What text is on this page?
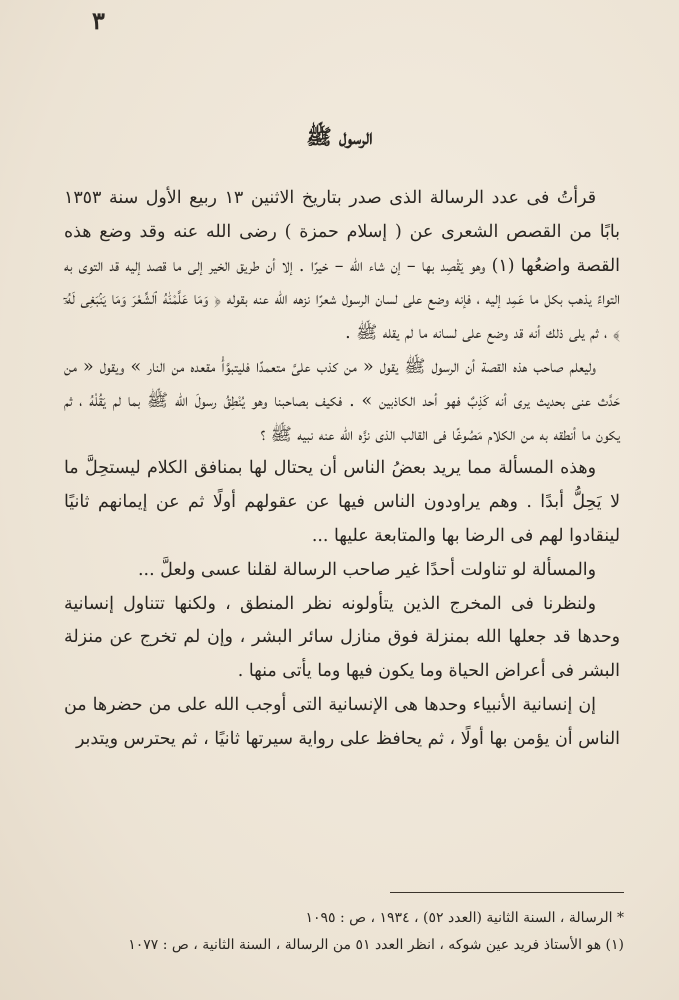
٣
الرسول ﷺ

قرأتُ فى عدد الرسالة الذى صدر بتاريخ الاثنين ١٣ ربيع الأول سنة ١٣٥٣ بابًا من القصص الشعرى عن ( إسلام حمزة ) رضى الله عنه وقد وضع هذه القصة واضعُها (١) وهو يَقْصِد بها – إن شاء الله – خيرًا . إلا أن طريق الخير إلى ما قصد إليه قد التوى به التواءً يذهب بكل ما عَمِد إليه ، فإنه وضع على لسان الرسول شعرًا نزهه الله عنه بقوله ﴿ وَمَا عَلَّمْنَٰهُ ٱلشِّعْرَ وَمَا يَنۢبَغِى لَهُۥٓ ﴾ ، ثم يلى ذلك أنه قد وضع على لسانه ما لم يقله ﷺ .

وليعلم صاحب هذه القصة أن الرسول ﷺ يقول « من كذب علىَّ متعمدًا فليتبوَّأْ مقعده من النار » ويقول « من حَدَّث عنى بحديث يرى أنه كَذِبٌ فهو أحد الكاذبين » . فكيف بصاحبنا وهو يُنْطِقُ رسولَ الله ﷺ بما لم يَقُلْهُ ، ثم يكون ما أنطقه به من الكلام مَصُوغًا فى القالب الذى نزَّه الله عنه نبيه ﷺ ؟

وهذه المسألة مما يريد بعضُ الناس أن يحتال لها بمنافق الكلام ليستحِلَّ ما لا يَحِلُّ أبدًا . وهم يراودون الناس فيها عن عقولهم أولًا ثم عن إيمانهم ثانيًا لينقادوا لهم فى الرضا بها والمتابعة عليها ...

والمسألة لو تناولت أحدًا غير صاحب الرسالة لقلنا عسى ولعلَّ ...

ولنظرنا فى المخرج الذين يتأولونه نظر المنطق ، ولكنها تتناول إنسانية وحدها قد جعلها الله بمنزلة فوق منازل سائر البشر ، وإن لم تخرج عن منزلة البشر فى أعراض الحياة وما يكون فيها وما يأتى منها .

إن إنسانية الأنبياء وحدها هى الإنسانية التى أوجب الله على من حضرها من الناس أن يؤمن بها أولًا ، ثم يحافظ على رواية سيرتها ثانيًا ، ثم يحترس ويتدبر

* الرسالة ، السنة الثانية (العدد ٥٢) ، ١٩٣٤ ، ص : ١٠٩٥

(١) هو الأستاذ فريد عين شوكه ، انظر العدد ٥١ من الرسالة ، السنة الثانية ، ص : ١٠٧٧
